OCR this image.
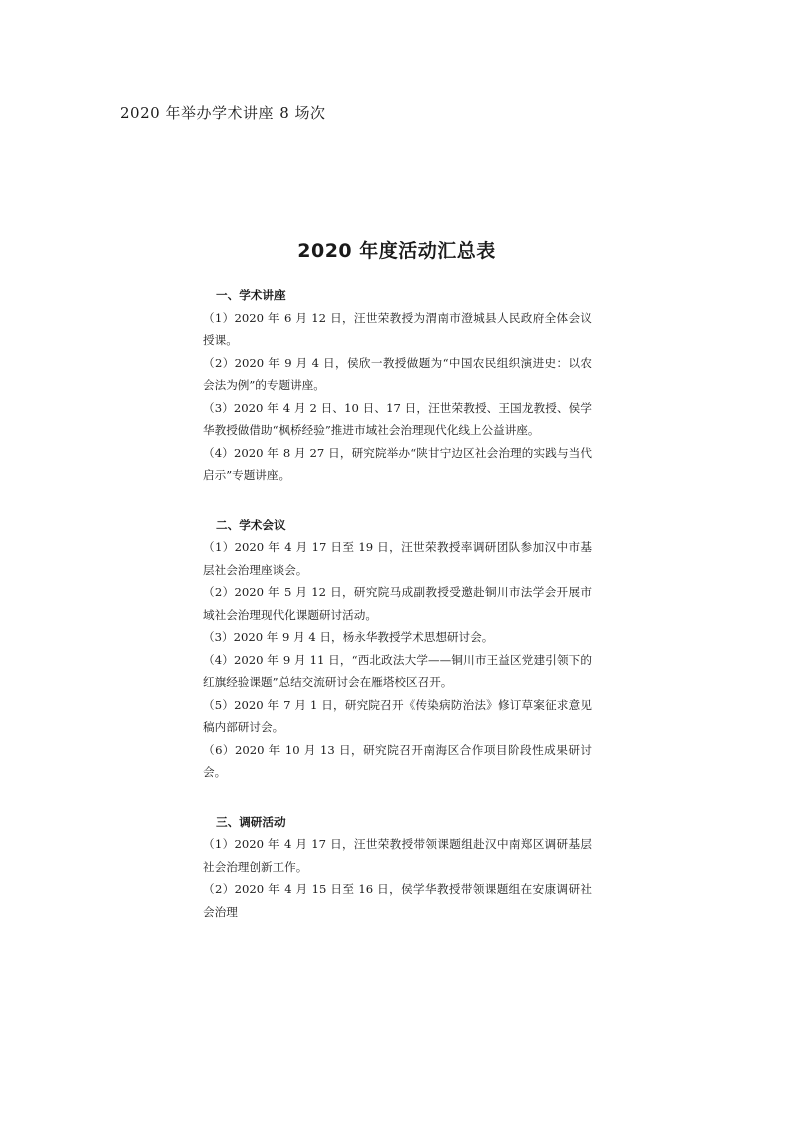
2020 年举办学术讲座 8 场次
2020 年度活动汇总表
一、学术讲座

（1）2020 年 6 月 12 日，汪世荣教授为渭南市澄城县人民政府全体会议授课。

（2）2020 年 9 月 4 日，侯欣一教授做题为“中国农民组织演进史：以农会法为例”的专题讲座。

（3）2020 年 4 月 2 日、10 日、17 日，汪世荣教授、王国龙教授、侯学华教授做借助“枫桥经验”推进市域社会治理现代化线上公益讲座。

（4）2020 年 8 月 27 日，研究院举办“陕甘宁边区社会治理的实践与当代启示”专题讲座。

二、学术会议

（1）2020 年 4 月 17 日至 19 日，汪世荣教授率调研团队参加汉中市基层社会治理座谈会。

（2）2020 年 5 月 12 日，研究院马成副教授受邀赴铜川市法学会开展市域社会治理现代化课题研讨活动。

（3）2020 年 9 月 4 日，杨永华教授学术思想研讨会。

（4）2020 年 9 月 11 日，“西北政法大学——铜川市王益区党建引领下的红旗经验课题”总结交流研讨会在雁塔校区召开。

（5）2020 年 7 月 1 日，研究院召开《传染病防治法》修订草案征求意见稿内部研讨会。

（6）2020 年 10 月 13 日，研究院召开南海区合作项目阶段性成果研讨会。

三、调研活动

（1）2020 年 4 月 17 日，汪世荣教授带领课题组赴汉中南郑区调研基层社会治理创新工作。

（2）2020 年 4 月 15 日至 16 日，侯学华教授带领课题组在安康调研社会治理
